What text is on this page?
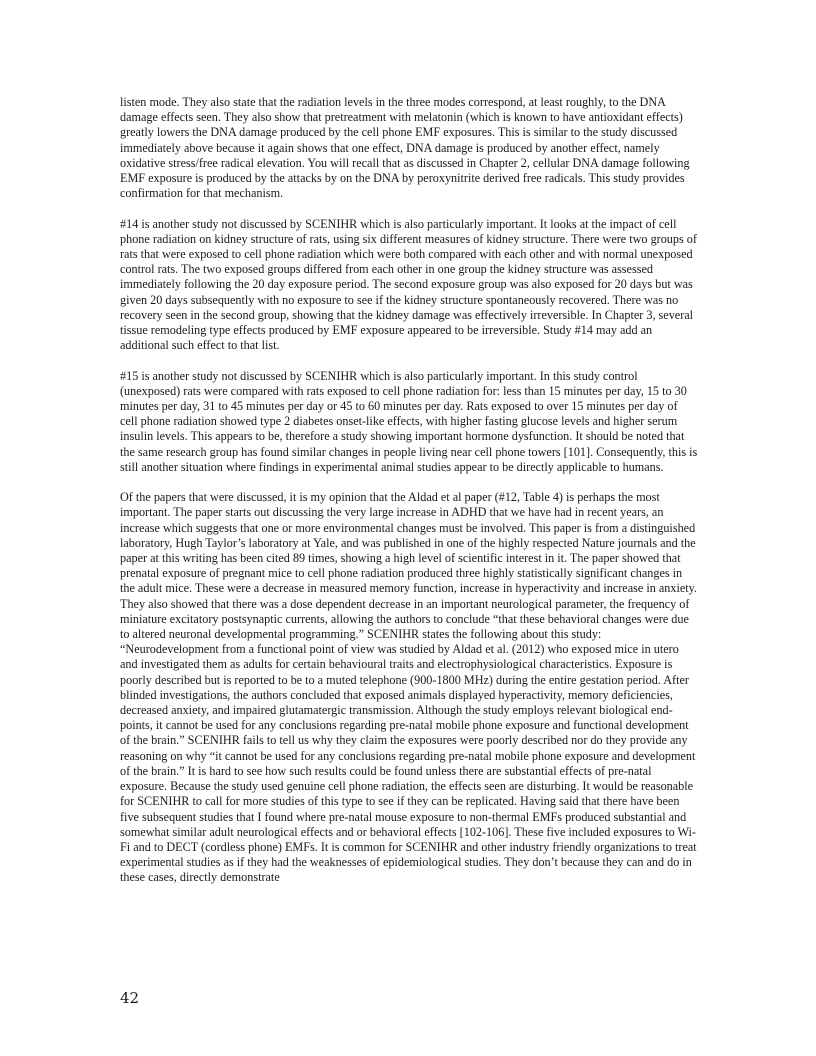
listen mode. They also state that the radiation levels in the three modes correspond, at least roughly, to the DNA damage effects seen. They also show that pretreatment with melatonin (which is known to have antioxidant effects) greatly lowers the DNA damage produced by the cell phone EMF exposures. This is similar to the study discussed immediately above because it again shows that one effect, DNA damage is produced by another effect, namely oxidative stress/free radical elevation. You will recall that as discussed in Chapter 2, cellular DNA damage following EMF exposure is produced by the attacks by on the DNA by peroxynitrite derived free radicals. This study provides confirmation for that mechanism.

#14 is another study not discussed by SCENIHR which is also particularly important. It looks at the impact of cell phone radiation on kidney structure of rats, using six different measures of kidney structure. There were two groups of rats that were exposed to cell phone radiation which were both compared with each other and with normal unexposed control rats. The two exposed groups differed from each other in one group the kidney structure was assessed immediately following the 20 day exposure period. The second exposure group was also exposed for 20 days but was given 20 days subsequently with no exposure to see if the kidney structure spontaneously recovered. There was no recovery seen in the second group, showing that the kidney damage was effectively irreversible. In Chapter 3, several tissue remodeling type effects produced by EMF exposure appeared to be irreversible. Study #14 may add an additional such effect to that list.

#15 is another study not discussed by SCENIHR which is also particularly important. In this study control (unexposed) rats were compared with rats exposed to cell phone radiation for: less than 15 minutes per day, 15 to 30 minutes per day, 31 to 45 minutes per day or 45 to 60 minutes per day. Rats exposed to over 15 minutes per day of cell phone radiation showed type 2 diabetes onset-like effects, with higher fasting glucose levels and higher serum insulin levels. This appears to be, therefore a study showing important hormone dysfunction. It should be noted that the same research group has found similar changes in people living near cell phone towers [101]. Consequently, this is still another situation where findings in experimental animal studies appear to be directly applicable to humans.

Of the papers that were discussed, it is my opinion that the Aldad et al paper (#12, Table 4) is perhaps the most important. The paper starts out discussing the very large increase in ADHD that we have had in recent years, an increase which suggests that one or more environmental changes must be involved. This paper is from a distinguished laboratory, Hugh Taylor’s laboratory at Yale, and was published in one of the highly respected Nature journals and the paper at this writing has been cited 89 times, showing a high level of scientific interest in it. The paper showed that prenatal exposure of pregnant mice to cell phone radiation produced three highly statistically significant changes in the adult mice. These were a decrease in measured memory function, increase in hyperactivity and increase in anxiety. They also showed that there was a dose dependent decrease in an important neurological parameter, the frequency of miniature excitatory postsynaptic currents, allowing the authors to conclude “that these behavioral changes were due to altered neuronal developmental programming.” SCENIHR states the following about this study: “Neurodevelopment from a functional point of view was studied by Aldad et al. (2012) who exposed mice in utero and investigated them as adults for certain behavioural traits and electrophysiological characteristics. Exposure is poorly described but is reported to be to a muted telephone (900-1800 MHz) during the entire gestation period. After blinded investigations, the authors concluded that exposed animals displayed hyperactivity, memory deficiencies, decreased anxiety, and impaired glutamatergic transmission. Although the study employs relevant biological end-points, it cannot be used for any conclusions regarding pre-natal mobile phone exposure and functional development of the brain.” SCENIHR fails to tell us why they claim the exposures were poorly described nor do they provide any reasoning on why “it cannot be used for any conclusions regarding pre-natal mobile phone exposure and development of the brain.” It is hard to see how such results could be found unless there are substantial effects of pre-natal exposure. Because the study used genuine cell phone radiation, the effects seen are disturbing. It would be reasonable for SCENIHR to call for more studies of this type to see if they can be replicated. Having said that there have been five subsequent studies that I found where pre-natal mouse exposure to non-thermal EMFs produced substantial and somewhat similar adult neurological effects and or behavioral effects [102-106]. These five included exposures to Wi-Fi and to DECT (cordless phone) EMFs. It is common for SCENIHR and other industry friendly organizations to treat experimental studies as if they had the weaknesses of epidemiological studies. They don’t because they can and do in these cases, directly demonstrate

42
